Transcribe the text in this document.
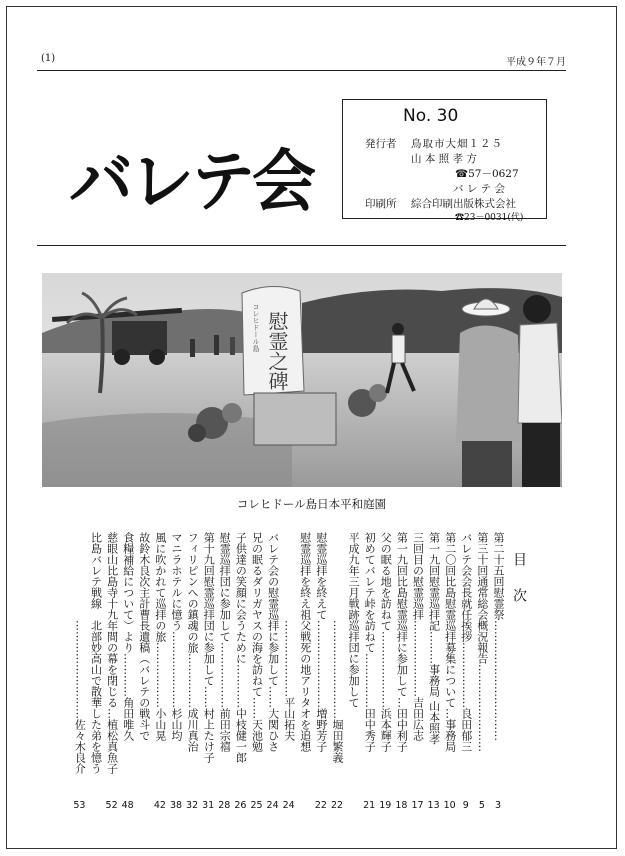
(1)	平成９年７月
バレテ会
No. 30
発行者 鳥取市大畑１２５
山 本 照 孝 方
☎57－0627
バ レ テ 会
印刷所 綜合印刷出版株式会社
☎23－0031(代)
慰霊之碑
コレヒドール島
コレヒドール島日本平和庭園
目次
第二十五回慰霊祭……………………………
3
第三十回通常総会概況報告……………………
5
バレテ会会長就任挨拶………………良田郁三
9
第二〇回比島慰霊巡拝募集について…事務局
10
第一九回慰霊巡拝記………事務局 山本照孝
13
三回目の慰霊巡拝…………………吉田広志
17
第一九回比島慰霊巡拝に参加して…田中利子
18
父の眠る地を訪ねて…………………浜本輝子
19
初めてバレテ峠を訪ねて……………田中秀子
21
平成九年三月戦跡巡拝団に参加して
　　　　　　　　………………………堀田繁義
22
慰霊巡拝を終えて……………………増野芳子
22
慰霊巡拝を終え祖父戦死の地アリタオを追想
　　　　　　　　…………………平山拓夫
24
バレテ会の慰霊巡拝に参加して……大関ひさ
24
兄の眠るダリガヤスの海を訪ねて……天池勉
25
子供達の笑顔に会うために…………中枝健一郎
26
慰霊巡拝団に参加して………………前田宗禧
28
第十九回慰霊巡拝団に参加して……村上たけ子
31
フィリピンへの鎮魂の旅……………成川真治
32
マニラホテルに憶う…………………杉山均
38
風に吹かれて巡拝の旅………………小山晃
42
故鈴木良次主計曹長遺稿（バレテの戦斗で
食糧補給について）より…………角田唯久
48
慈眼山比島寺十九年間の幕を閉じる…植松真魚子
52
比島バレテ戦線　北部妙高山で散華した弟を憶う
　　　　　　　　………………………佐々木良介
53
